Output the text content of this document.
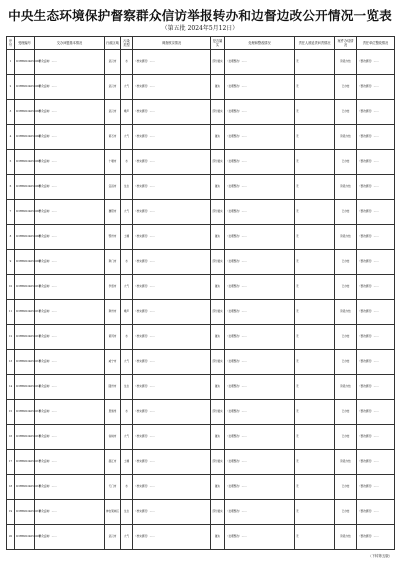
中央生态环境保护督察群众信访举报转办和边督边改公开情况一览表
（第五批 2024年5月12日）
序号	受理编号	交办问题基本情况	行政区域	污染类型	调查核实情况	是否属实	处理和整改情况	责任人被追责问责情况	案件办结情况	责任单位整改情况

1	D3HB2024052001	（群众反映）……	武汉市	水	（核实情况）……	部分属实	（处理整改）……	无	阶段办结	（整改情况）……

2	D3HB2024052002	（群众反映）……	武汉市	大气	（核实情况）……	属实	（处理整改）……	无	已办结	（整改情况）……

3	D3HB2024052003	（群众反映）……	武汉市	噪声	（核实情况）……	部分属实	（处理整改）……	无	已办结	（整改情况）……

4	D3HB2024052004	（群众反映）……	黄石市	大气	（核实情况）……	属实	（处理整改）……	无	阶段办结	（整改情况）……

5	D3HB2024052005	（群众反映）……	十堰市	水	（核实情况）……	部分属实	（处理整改）……	无	已办结	（整改情况）……

6	D3HB2024052006	（群众反映）……	宜昌市	生态	（核实情况）……	属实	（处理整改）……	无	阶段办结	（整改情况）……

7	D3HB2024052007	（群众反映）……	襄阳市	大气	（核实情况）……	部分属实	（处理整改）……	无	已办结	（整改情况）……

8	D3HB2024052008	（群众反映）……	鄂州市	土壤	（核实情况）……	属实	（处理整改）……	无	阶段办结	（整改情况）……

9	D3HB2024052009	（群众反映）……	荆门市	水	（核实情况）……	部分属实	（处理整改）……	无	已办结	（整改情况）……

10	D3HB2024052010	（群众反映）……	孝感市	大气	（核实情况）……	属实	（处理整改）……	无	已办结	（整改情况）……

11	D3HB2024052011	（群众反映）……	荆州市	噪声	（核实情况）……	部分属实	（处理整改）……	无	阶段办结	（整改情况）……

12	D3HB2024052012	（群众反映）……	黄冈市	水	（核实情况）……	属实	（处理整改）……	无	已办结	（整改情况）……

13	D3HB2024052013	（群众反映）……	咸宁市	大气	（核实情况）……	部分属实	（处理整改）……	无	已办结	（整改情况）……

14	D3HB2024052014	（群众反映）……	随州市	生态	（核实情况）……	属实	（处理整改）……	无	阶段办结	（整改情况）……

15	D3HB2024052015	（群众反映）……	恩施州	水	（核实情况）……	部分属实	（处理整改）……	无	已办结	（整改情况）……

16	D3HB2024052016	（群众反映）……	仙桃市	大气	（核实情况）……	属实	（处理整改）……	无	已办结	（整改情况）……

17	D3HB2024052017	（群众反映）……	潜江市	土壤	（核实情况）……	部分属实	（处理整改）……	无	阶段办结	（整改情况）……

18	D3HB2024052018	（群众反映）……	天门市	水	（核实情况）……	属实	（处理整改）……	无	已办结	（整改情况）……

19	D3HB2024052019	（群众反映）……	神农架林区	生态	（核实情况）……	部分属实	（处理整改）……	无	已办结	（整改情况）……

20	D3HB2024052020	（群众反映）……	武汉市	大气	（核实情况）……	属实	（处理整改）……	无	阶段办结	（整改情况）……
（下转第五版）
